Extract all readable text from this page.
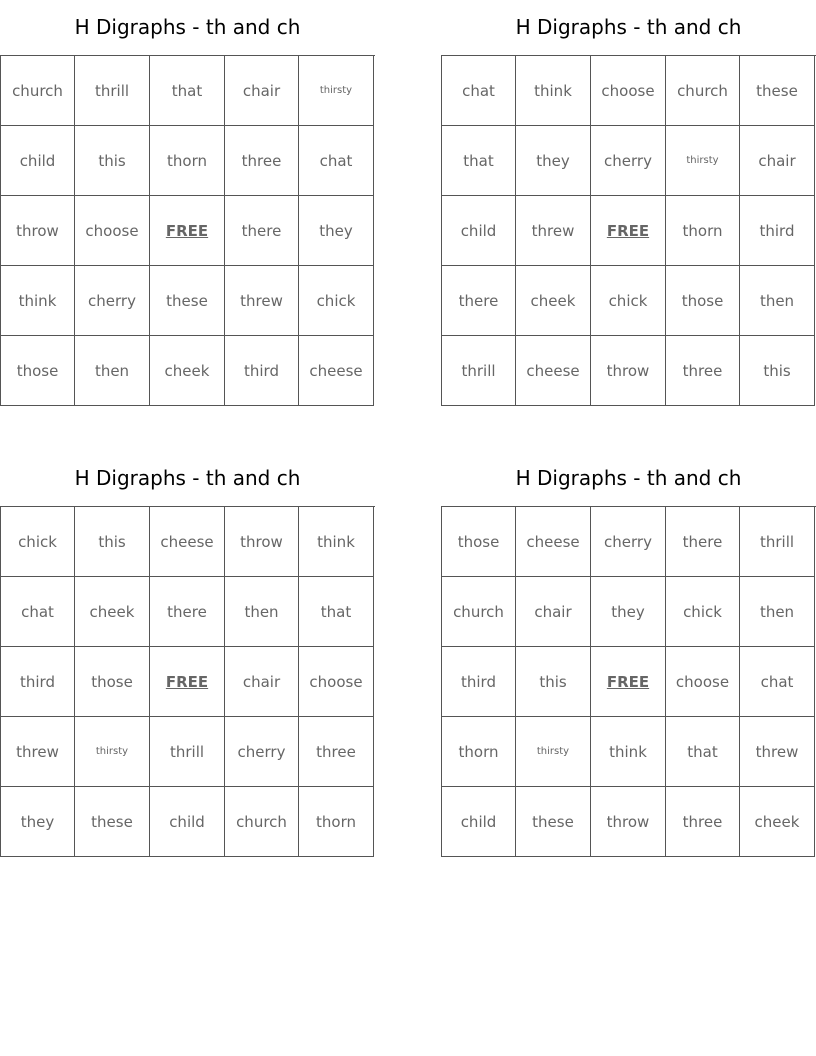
H Digraphs - th and ch
church	thrill	that	chair	thirsty
child	this	thorn	three	chat
throw	choose	FREE	there	they
think	cherry	these	threw	chick
those	then	cheek	third	cheese
H Digraphs - th and ch
chat	think	choose	church	these
that	they	cherry	thirsty	chair
child	threw	FREE	thorn	third
there	cheek	chick	those	then
thrill	cheese	throw	three	this
H Digraphs - th and ch
chick	this	cheese	throw	think
chat	cheek	there	then	that
third	those	FREE	chair	choose
threw	thirsty	thrill	cherry	three
they	these	child	church	thorn
H Digraphs - th and ch
those	cheese	cherry	there	thrill
church	chair	they	chick	then
third	this	FREE	choose	chat
thorn	thirsty	think	that	threw
child	these	throw	three	cheek
